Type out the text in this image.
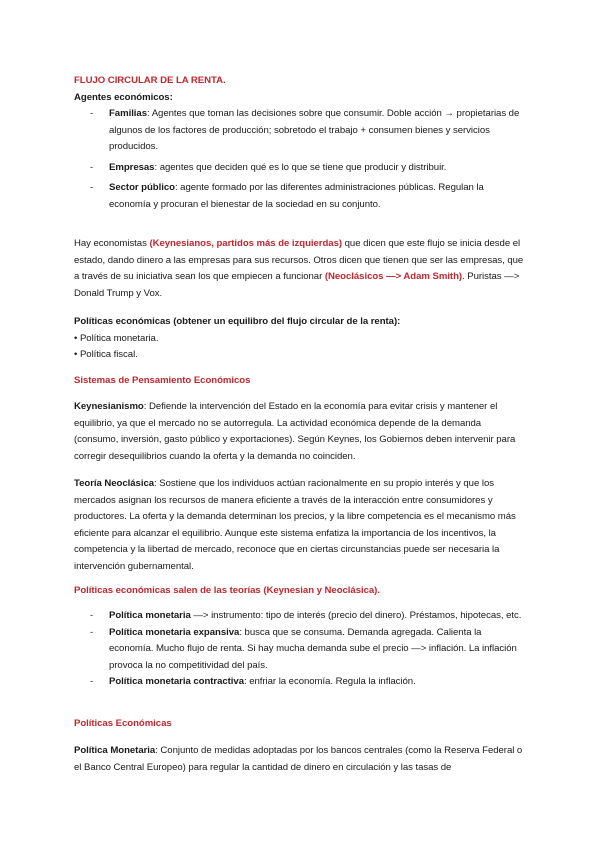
FLUJO CIRCULAR DE LA RENTA.
Agentes económicos:
- Familias: Agentes que toman las decisiones sobre que consumir. Doble acción → propietarias de algunos de los factores de producción; sobretodo el trabajo + consumen bienes y servicios producidos.
- Empresas: agentes que deciden qué es lo que se tiene que producir y distribuir.
- Sector público: agente formado por las diferentes administraciones públicas. Regulan la economía y procuran el bienestar de la sociedad en su conjunto.
Hay economistas (Keynesianos, partidos más de izquierdas) que dicen que este flujo se inicia desde el estado, dando dinero a las empresas para sus recursos. Otros dicen que tienen que ser las empresas, que a través de su iniciativa sean los que empiecen a funcionar (Neoclásicos —> Adam Smith). Puristas —> Donald Trump y Vox.
Políticas económicas (obtener un equilibro del flujo circular de la renta):
• Política monetaria.
• Política fiscal.
Sistemas de Pensamiento Económicos
Keynesianismo: Defiende la intervención del Estado en la economía para evitar crisis y mantener el equilibrio, ya que el mercado no se autorregula. La actividad económica depende de la demanda (consumo, inversión, gasto público y exportaciones). Según Keynes, los Gobiernos deben intervenir para corregir desequilibrios cuando la oferta y la demanda no coinciden.
Teoría Neoclásica: Sostiene que los individuos actúan racionalmente en su propio interés y que los mercados asignan los recursos de manera eficiente a través de la interacción entre consumidores y productores. La oferta y la demanda determinan los precios, y la libre competencia es el mecanismo más eficiente para alcanzar el equilibrio. Aunque este sistema enfatiza la importancia de los incentivos, la competencia y la libertad de mercado, reconoce que en ciertas circunstancias puede ser necesaria la intervención gubernamental.
Políticas económicas salen de las teorías (Keynesian y Neoclásica).
- Política monetaria —> instrumento: tipo de interés (precio del dinero). Préstamos, hipotecas, etc.
- Política monetaria expansiva: busca que se consuma. Demanda agregada. Calienta la economía. Mucho flujo de renta. Si hay mucha demanda sube el precio —> inflación. La inflación provoca la no competitividad del país.
- Política monetaria contractiva: enfriar la economía. Regula la inflación.
Políticas Económicas
Política Monetaria: Conjunto de medidas adoptadas por los bancos centrales (como la Reserva Federal o el Banco Central Europeo) para regular la cantidad de dinero en circulación y las tasas de
